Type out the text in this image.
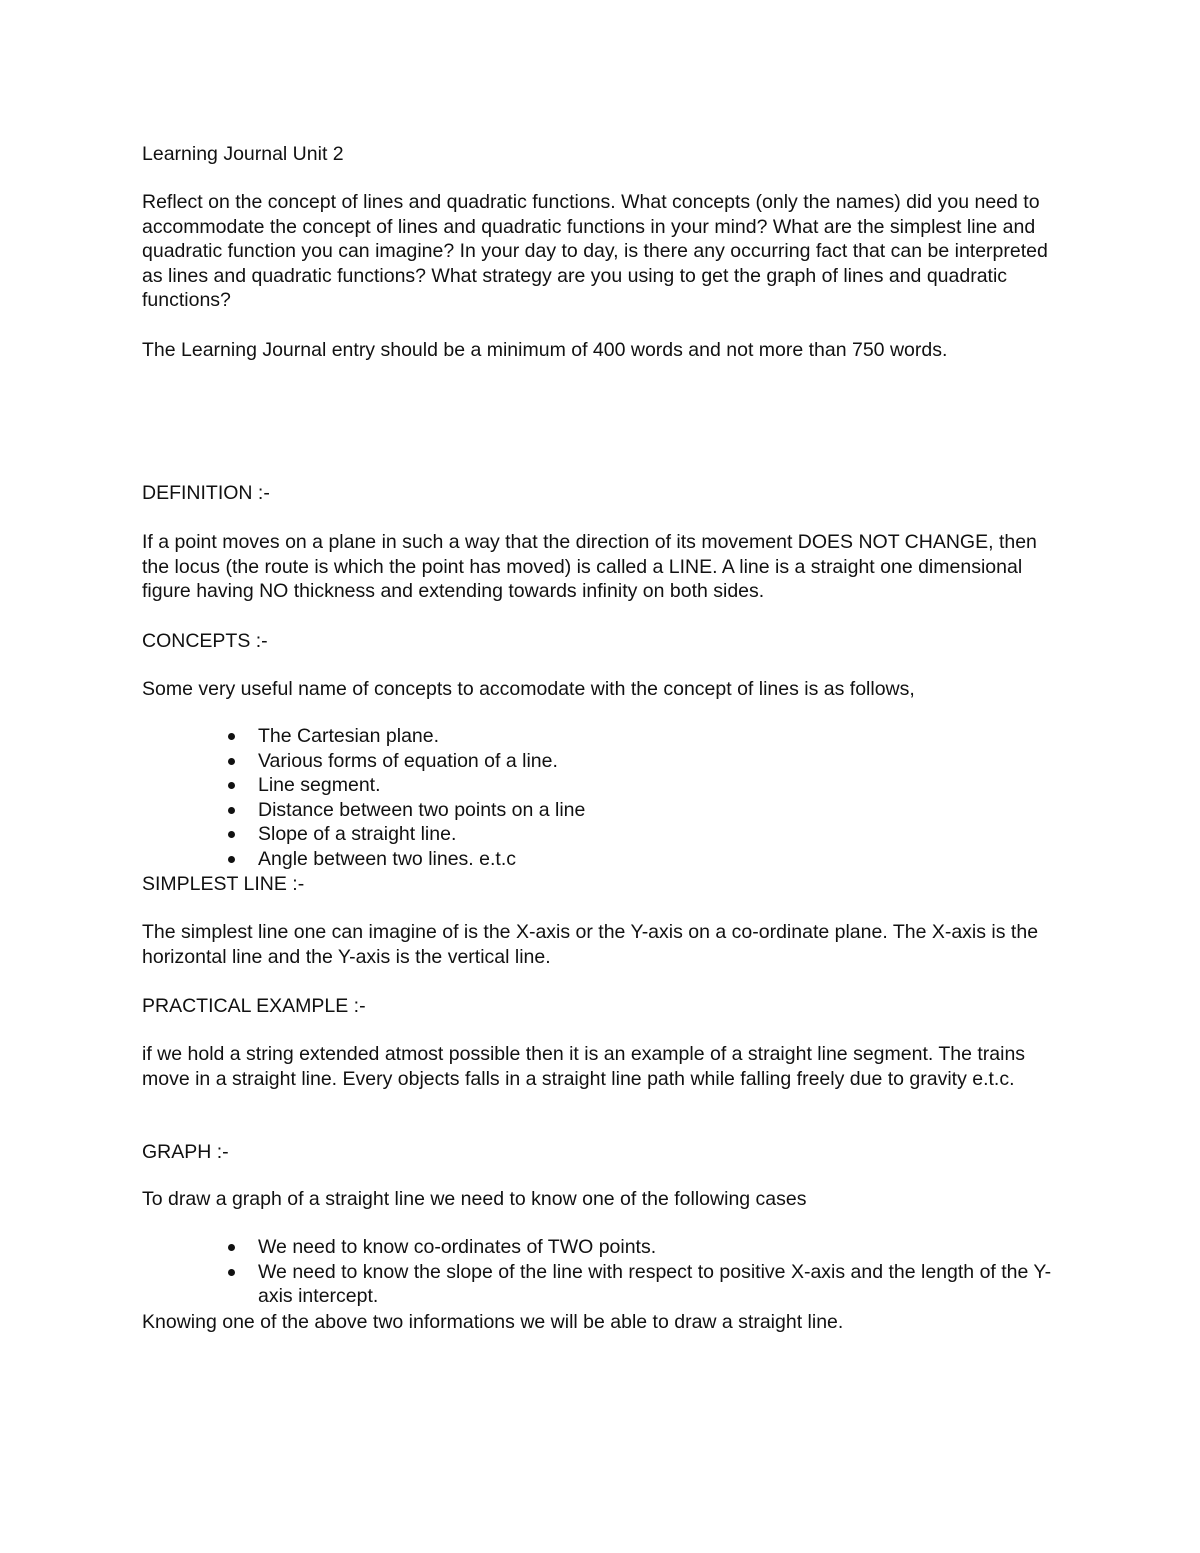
Learning Journal Unit 2

Reflect on the concept of lines and quadratic functions. What concepts (only the names) did you need to accommodate the concept of lines and quadratic functions in your mind? What are the simplest line and quadratic function you can imagine? In your day to day, is there any occurring fact that can be interpreted as lines and quadratic functions? What strategy are you using to get the graph of lines and quadratic functions?

The Learning Journal entry should be a minimum of 400 words and not more than 750 words.

DEFINITION :-

If a point moves on a plane in such a way that the direction of its movement DOES NOT CHANGE, then the locus (the route is which the point has moved) is called a LINE. A line is a straight one dimensional figure having NO thickness and extending towards infinity on both sides.

CONCEPTS :-

Some very useful name of concepts to accomodate with the concept of lines is as follows,

The Cartesian plane.
Various forms of equation of a line.
Line segment.
Distance between two points on a line
Slope of a straight line.
Angle between two lines. e.t.c

SIMPLEST LINE :-

The simplest line one can imagine of is the X-axis or the Y-axis on a co-ordinate plane. The X-axis is the horizontal line and the Y-axis is the vertical line.

PRACTICAL EXAMPLE :-

if we hold a string extended atmost possible then it is an example of a straight line segment. The trains move in a straight line. Every objects falls in a straight line path while falling freely due to gravity e.t.c.

GRAPH :-

To draw a graph of a straight line we need to know one of the following cases

We need to know co-ordinates of TWO points.
We need to know the slope of the line with respect to positive X-axis and the length of the Y-axis intercept.

Knowing one of the above two informations we will be able to draw a straight line.
